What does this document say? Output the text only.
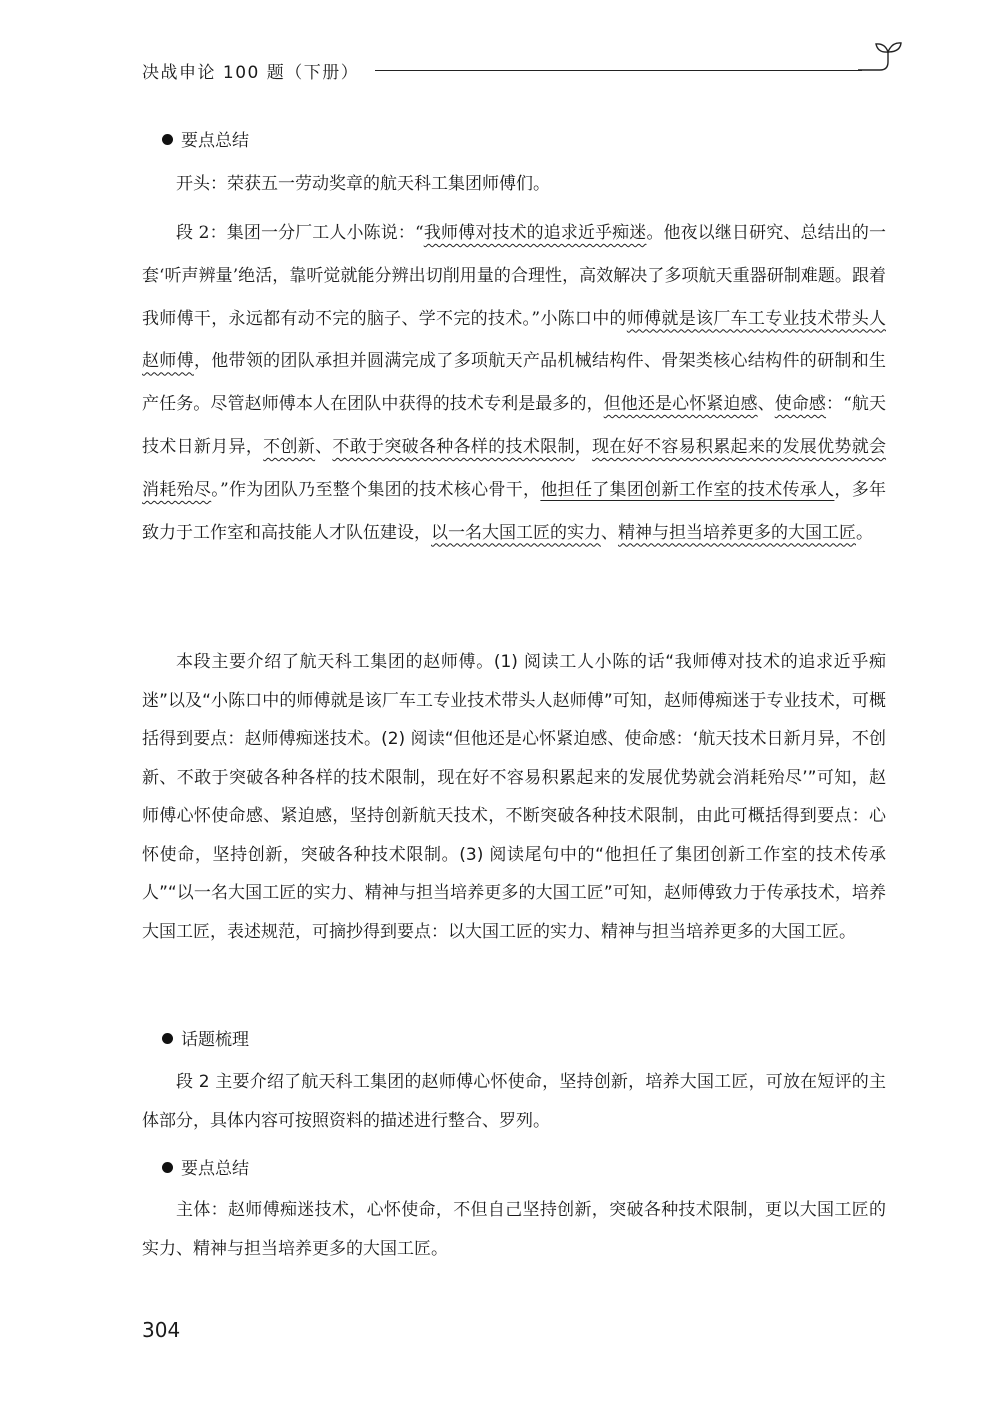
决战申论 100 题（下册）
要点总结

开头：荣获五一劳动奖章的航天科工集团师傅们。

段 2：集团一分厂工人小陈说：“我师傅对技术的追求近乎痴迷。他夜以继日研究、总结出的一套‘听声辨量’绝活，靠听觉就能分辨出切削用量的合理性，高效解决了多项航天重器研制难题。跟着我师傅干，永远都有动不完的脑子、学不完的技术。”小陈口中的师傅就是该厂车工专业技术带头人赵师傅，他带领的团队承担并圆满完成了多项航天产品机械结构件、骨架类核心结构件的研制和生产任务。尽管赵师傅本人在团队中获得的技术专利是最多的，但他还是心怀紧迫感、使命感：“航天技术日新月异，不创新、不敢于突破各种各样的技术限制，现在好不容易积累起来的发展优势就会消耗殆尽。”作为团队乃至整个集团的技术核心骨干，他担任了集团创新工作室的技术传承人，多年致力于工作室和高技能人才队伍建设，以一名大国工匠的实力、精神与担当培养更多的大国工匠。

本段主要介绍了航天科工集团的赵师傅。(1) 阅读工人小陈的话“我师傅对技术的追求近乎痴迷”以及“小陈口中的师傅就是该厂车工专业技术带头人赵师傅”可知，赵师傅痴迷于专业技术，可概括得到要点：赵师傅痴迷技术。(2) 阅读“但他还是心怀紧迫感、使命感：‘航天技术日新月异，不创新、不敢于突破各种各样的技术限制，现在好不容易积累起来的发展优势就会消耗殆尽’”可知，赵师傅心怀使命感、紧迫感，坚持创新航天技术，不断突破各种技术限制，由此可概括得到要点：心怀使命，坚持创新，突破各种技术限制。(3) 阅读尾句中的“他担任了集团创新工作室的技术传承人”“以一名大国工匠的实力、精神与担当培养更多的大国工匠”可知，赵师傅致力于传承技术，培养大国工匠，表述规范，可摘抄得到要点：以大国工匠的实力、精神与担当培养更多的大国工匠。

话题梳理

段 2 主要介绍了航天科工集团的赵师傅心怀使命，坚持创新，培养大国工匠，可放在短评的主体部分，具体内容可按照资料的描述进行整合、罗列。

要点总结

主体：赵师傅痴迷技术，心怀使命，不但自己坚持创新，突破各种技术限制，更以大国工匠的实力、精神与担当培养更多的大国工匠。

304
